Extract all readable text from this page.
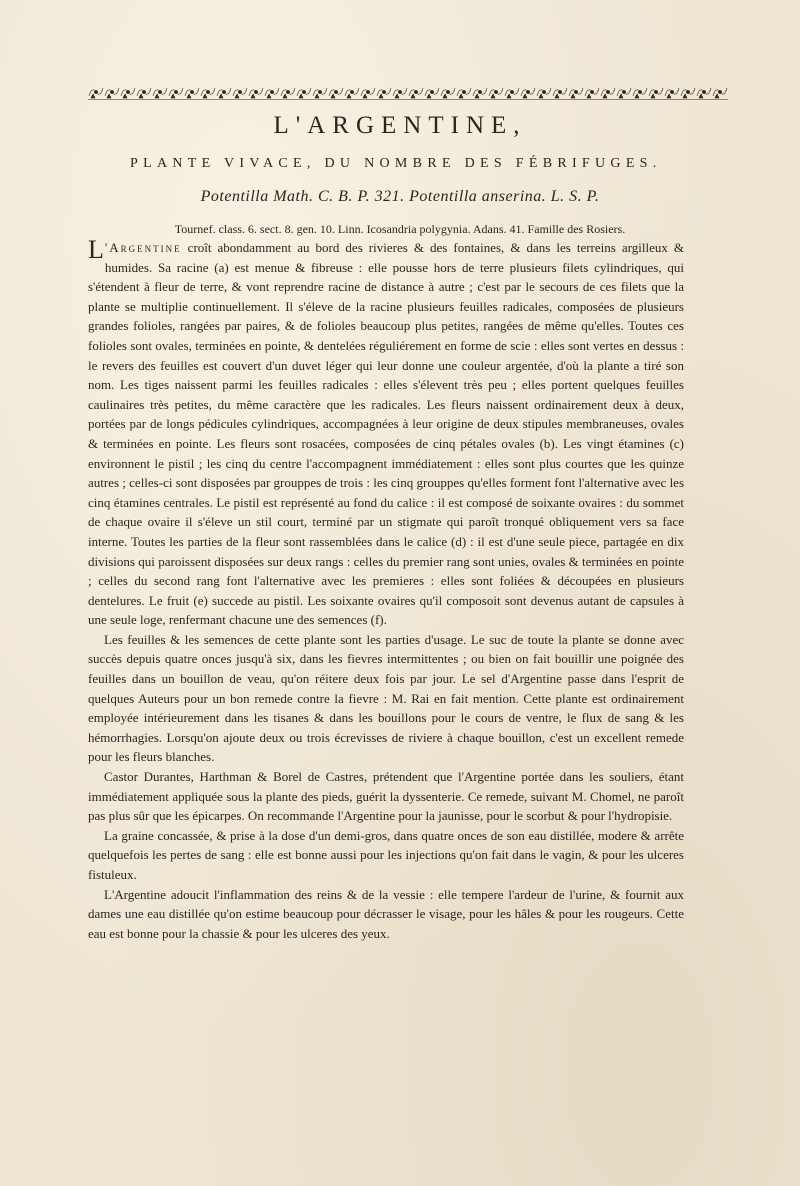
L'ARGENTINE,
PLANTE VIVACE, DU NOMBRE DES FÉBRIFUGES.
Potentilla Math. C. B. P. 321. Potentilla anserina. L. S. P.
Tournef. class. 6. sect. 8. gen. 10. Linn. Icosandria polygynia. Adans. 41. Famille des Rosiers.

L 'Argentine croît abondamment au bord des rivieres & des fontaines, & dans les terreins argilleux & humides. Sa racine (a) est menue & fibreuse : elle pousse hors de terre plusieurs filets cylindriques, qui s'étendent à fleur de terre, & vont reprendre racine de distance à autre ; c'est par le secours de ces filets que la plante se multiplie continuellement. Il s'éleve de la racine plusieurs feuilles radicales, composées de plusieurs grandes folioles, rangées par paires, & de folioles beaucoup plus petites, rangées de même qu'elles. Toutes ces folioles sont ovales, terminées en pointe, & dentelées réguliérement en forme de scie : elles sont vertes en dessus : le revers des feuilles est couvert d'un duvet léger qui leur donne une couleur argentée, d'où la plante a tiré son nom. Les tiges naissent parmi les feuilles radicales : elles s'élevent très peu ; elles portent quelques feuilles caulinaires très petites, du même caractère que les radicales. Les fleurs naissent ordinairement deux à deux, portées par de longs pédicules cylindriques, accompagnées à leur origine de deux stipules membraneuses, ovales & terminées en pointe. Les fleurs sont rosacées, composées de cinq pétales ovales (b). Les vingt étamines (c) environnent le pistil ; les cinq du centre l'accompagnent immédiatement : elles sont plus courtes que les quinze autres ; celles-ci sont disposées par grouppes de trois : les cinq grouppes qu'elles forment font l'alternative avec les cinq étamines centrales. Le pistil est représenté au fond du calice : il est composé de soixante ovaires : du sommet de chaque ovaire il s'éleve un stil court, terminé par un stigmate qui paroît tronqué obliquement vers sa face interne. Toutes les parties de la fleur sont rassemblées dans le calice (d) : il est d'une seule piece, partagée en dix divisions qui paroissent disposées sur deux rangs : celles du premier rang sont unies, ovales & terminées en pointe ; celles du second rang font l'alternative avec les premieres : elles sont foliées & découpées en plusieurs dentelures. Le fruit (e) succede au pistil. Les soixante ovaires qu'il composoit sont devenus autant de capsules à une seule loge, renfermant chacune une des semences (f).

Les feuilles & les semences de cette plante sont les parties d'usage. Le suc de toute la plante se donne avec succès depuis quatre onces jusqu'à six, dans les fievres intermittentes ; ou bien on fait bouillir une poignée des feuilles dans un bouillon de veau, qu'on réitere deux fois par jour. Le sel d'Argentine passe dans l'esprit de quelques Auteurs pour un bon remede contre la fievre : M. Rai en fait mention. Cette plante est ordinairement employée intérieurement dans les tisanes & dans les bouillons pour le cours de ventre, le flux de sang & les hémorrhagies. Lorsqu'on ajoute deux ou trois écrevisses de riviere à chaque bouillon, c'est un excellent remede pour les fleurs blanches.

Castor Durantes, Harthman & Borel de Castres, prétendent que l'Argentine portée dans les souliers, étant immédiatement appliquée sous la plante des pieds, guérit la dyssenterie. Ce remede, suivant M. Chomel, ne paroît pas plus sûr que les épicarpes. On recommande l'Argentine pour la jaunisse, pour le scorbut & pour l'hydropisie.

La graine concassée, & prise à la dose d'un demi-gros, dans quatre onces de son eau distillée, modere & arrête quelquefois les pertes de sang : elle est bonne aussi pour les injections qu'on fait dans le vagin, & pour les ulceres fistuleux.

L'Argentine adoucit l'inflammation des reins & de la vessie : elle tempere l'ardeur de l'urine, & fournit aux dames une eau distillée qu'on estime beaucoup pour décrasser le visage, pour les hâles & pour les rougeurs. Cette eau est bonne pour la chassie & pour les ulceres des yeux.
